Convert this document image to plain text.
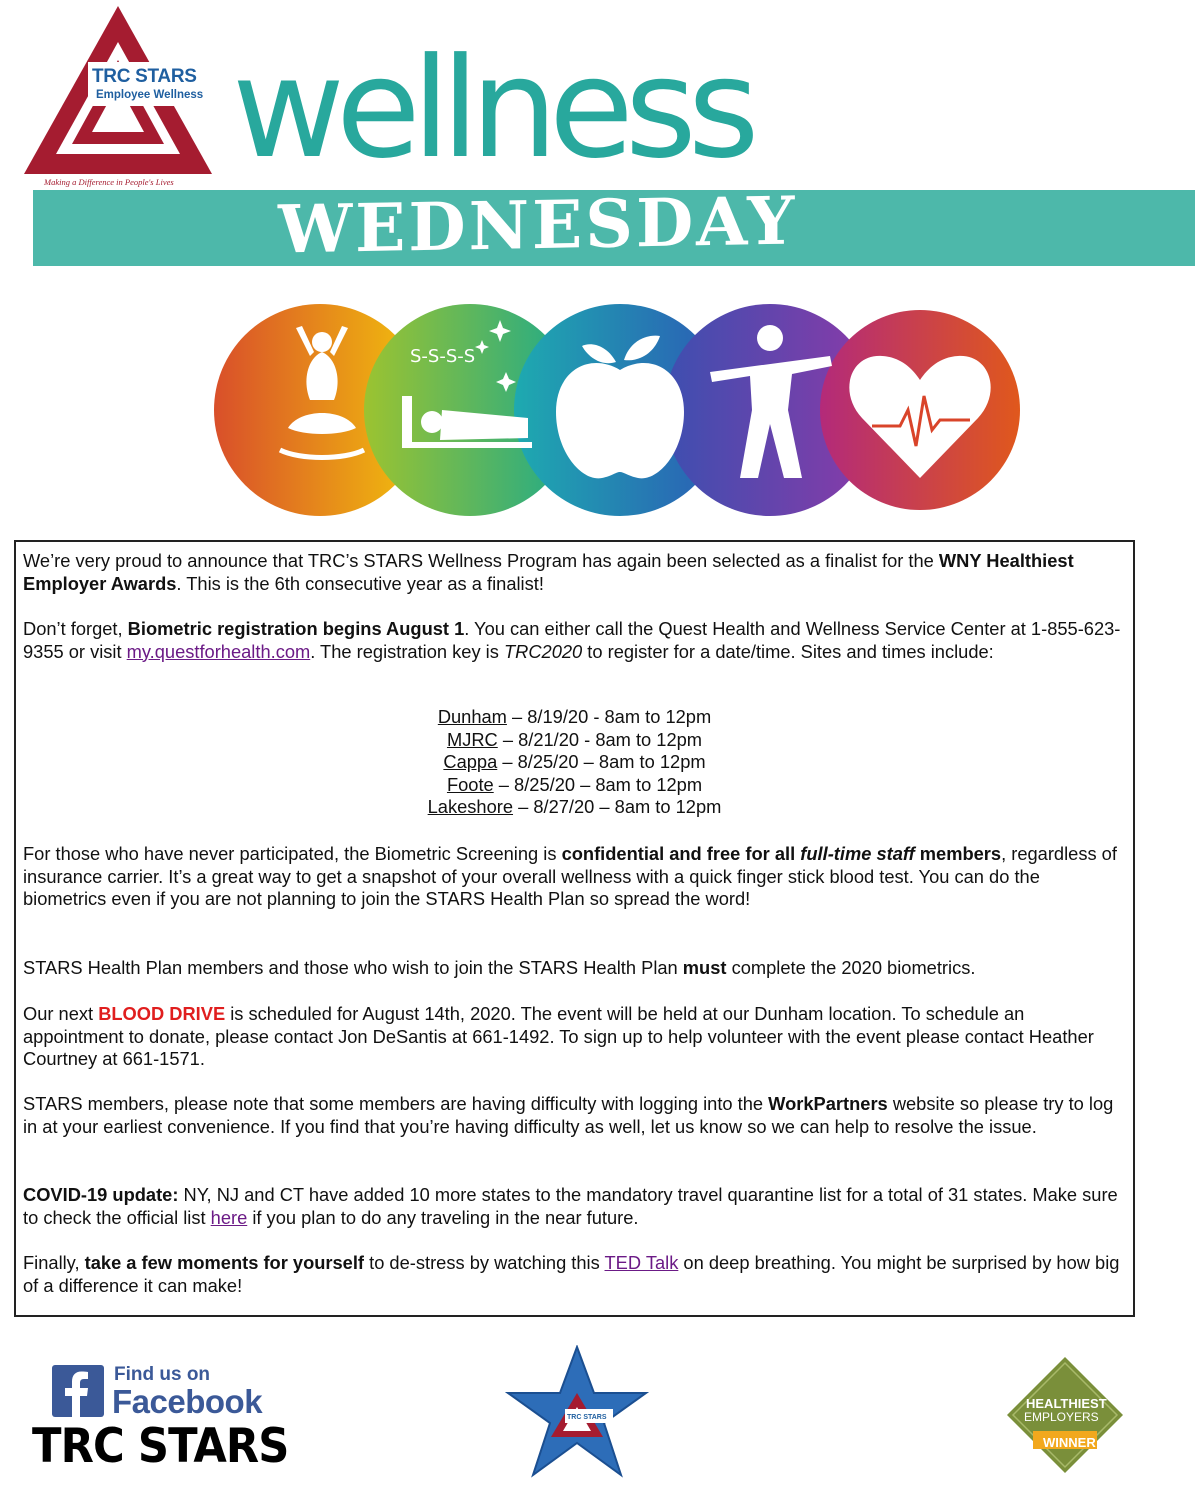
TRC STARS
Employee Wellness
Making a Difference in People's Lives wellness
WEDNESDAY
S-S-S-S

We’re very proud to announce that TRC’s STARS Wellness Program has again been selected as a finalist for the WNY Healthiest Employer Awards. This is the 6th consecutive year as a finalist!

Don’t forget, Biometric registration begins August 1. You can either call the Quest Health and Wellness Service Center at 1-855-623-9355 or visit my.questforhealth.com. The registration key is TRC2020 to register for a date/time. Sites and times include:

Dunham – 8/19/20 - 8am to 12pm
MJRC – 8/21/20 - 8am to 12pm
Cappa – 8/25/20 – 8am to 12pm
Foote – 8/25/20 – 8am to 12pm
Lakeshore – 8/27/20 – 8am to 12pm

For those who have never participated, the Biometric Screening is confidential and free for all full-time staff members, regardless of insurance carrier. It’s a great way to get a snapshot of your overall wellness with a quick finger stick blood test. You can do the biometrics even if you are not planning to join the STARS Health Plan so spread the word!

STARS Health Plan members and those who wish to join the STARS Health Plan must complete the 2020 biometrics.

Our next BLOOD DRIVE is scheduled for August 14th, 2020. The event will be held at our Dunham location. To schedule an appointment to donate, please contact Jon DeSantis at 661-1492. To sign up to help volunteer with the event please contact Heather Courtney at 661-1571.

STARS members, please note that some members are having difficulty with logging into the WorkPartners website so please try to log in at your earliest convenience. If you find that you’re having difficulty as well, let us know so we can help to resolve the issue.

COVID-19 update: NY, NJ and CT have added 10 more states to the mandatory travel quarantine list for a total of 31 states. Make sure to check the official list here if you plan to do any traveling in the near future.

Finally, take a few moments for yourself to de-stress by watching this TED Talk on deep breathing. You might be surprised by how big of a difference it can make!

Find us on
Facebook
TRC STARS
TRC STARS
HEALTHIEST
EMPLOYERS
WINNER
